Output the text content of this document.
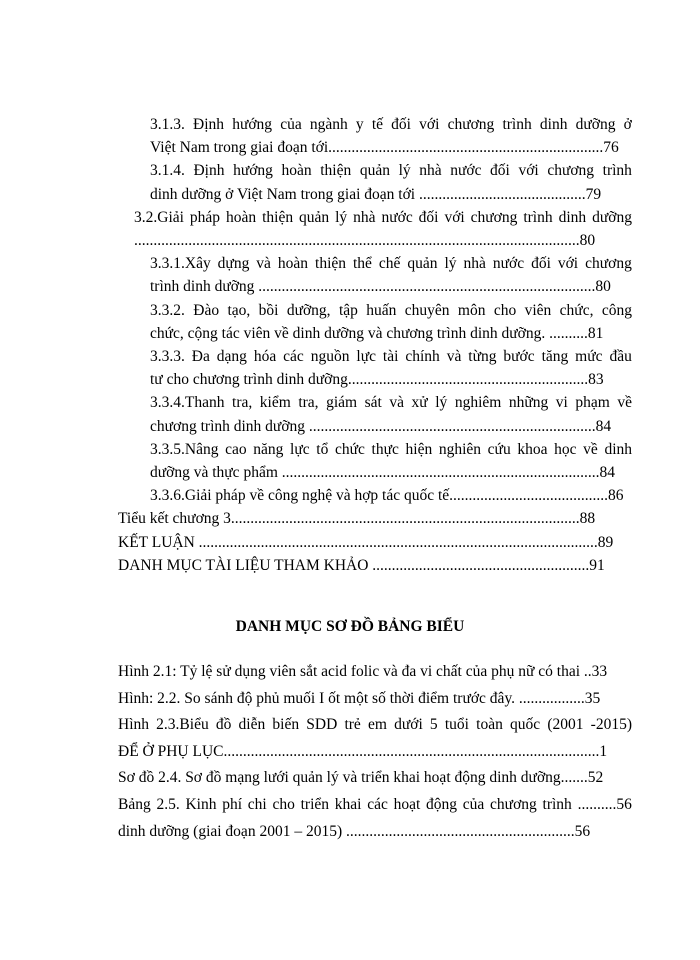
3.1.3. Định hướng của ngành y tế đối với chương trình dinh dưỡng ở
Việt Nam trong giai đoạn tới.......................................................................76
3.1.4. Định hướng hoàn thiện quản lý nhà nước đối với chương trình
dinh dưỡng ở Việt Nam trong giai đoạn tới ...........................................79
3.2.Giải pháp hoàn thiện quản lý nhà nước đối với chương trình dinh dưỡng
...................................................................................................................80
3.3.1.Xây dựng và hoàn thiện thể chế quản lý nhà nước đối với chương
trình dinh dưỡng .......................................................................................80
3.3.2. Đào tạo, bồi dưỡng, tập huấn chuyên môn cho viên chức, công
chức, cộng tác viên về dinh dưỡng và chương trình dinh dưỡng. ..........81
3.3.3. Đa dạng hóa các nguồn lực tài chính và từng bước tăng mức đầu
tư cho chương trình dinh dưỡng..............................................................83
3.3.4.Thanh tra, kiểm tra, giám sát và xử lý nghiêm những vi phạm về
chương trình dinh dưỡng ..........................................................................84
3.3.5.Nâng cao năng lực tổ chức thực hiện nghiên cứu khoa học về dinh
dưỡng và thực phẩm ..................................................................................84
3.3.6.Giải pháp về công nghệ và hợp tác quốc tế.........................................86
Tiểu kết chương 3..........................................................................................88
KẾT LUẬN .......................................................................................................89
DANH MỤC TÀI LIỆU THAM KHẢO ........................................................91
DANH MỤC SƠ ĐỒ BẢNG BIỂU
Hình 2.1: Tỷ lệ sử dụng viên sắt acid folic và đa vi chất của phụ nữ có thai ..33
Hình: 2.2. So sánh độ phủ muối I ốt một số thời điểm trước đây. .................35
Hình 2.3.Biểu đồ diễn biến SDD trẻ em dưới 5 tuổi toàn quốc (2001 -2015)
ĐỂ Ở PHỤ LỤC.................................................................................................1
Sơ đồ 2.4. Sơ đồ mạng lưới quản lý và triển khai hoạt động dinh dưỡng.......52
Bảng 2.5. Kinh phí chi cho triển khai các hoạt động của chương trình ..........56
dinh dưỡng (giai đoạn 2001 – 2015) ...........................................................56
